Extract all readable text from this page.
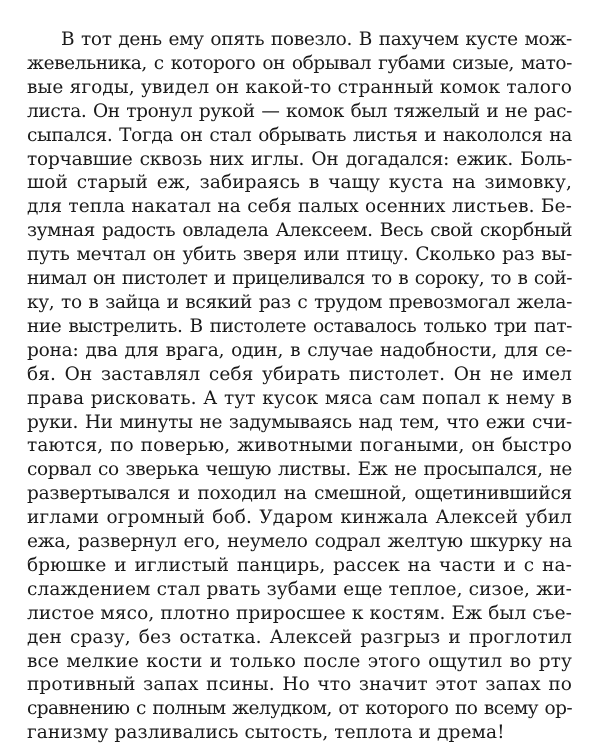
В тот день ему опять повезло. В пахучем кусте мож-
жевельника, с которого он обрывал губами сизые, мато-
вые ягоды, увидел он какой-то странный комок талого
листа. Он тронул рукой — комок был тяжелый и не рас-
сыпался. Тогда он стал обрывать листья и наколол​ся на
торчавшие сквозь них иглы. Он догадался: ежик. Боль-
шой старый еж, забираясь в чащу куста на зимовку,
для тепла накатал на себя палых осенних листьев. Бе-
зумная радость овладела Алексеем. Весь свой скорбный
путь мечтал он убить зверя или птицу. Сколько раз вы-
нимал он пистолет и прицеливался то в сороку, то в сой-
ку, то в зайца и всякий раз с трудом превозмогал жела-
ние выстрелить. В пистолете оставалось только три пат-
рона: два для врага, один, в случае надобности, для се-
бя. Он заставлял себя убирать пистолет. Он не имел
права рисковать. А тут кусок мяса сам попал к нему в
руки. Ни минуты не задумываясь над тем, что ежи счи-
таются, по поверью, животными погаными, он быстро
сорвал со зверька чешую листвы. Еж не просыпался, не
развертывался и походил на смешной, ощетинившийся
иглами огромный боб. Ударом кинжала Алексей убил
ежа, развернул его, неумело содрал желтую шкурку на
брюшке и иглистый панцирь, рассек на части и с на-
слаждением стал рвать зубами еще теплое, сизое, жи-
листое мясо, плотно приросшее к костям. Еж был съе-
ден сразу, без остатка. Алексей разгрыз и проглотил
все мелкие кости и только после этого ощутил во рту
противный запах псины. Но что значит этот запах по
сравнению с полным желудком, от которого по всему ор-
ганизму разливались сытость, теплота и дрема!
